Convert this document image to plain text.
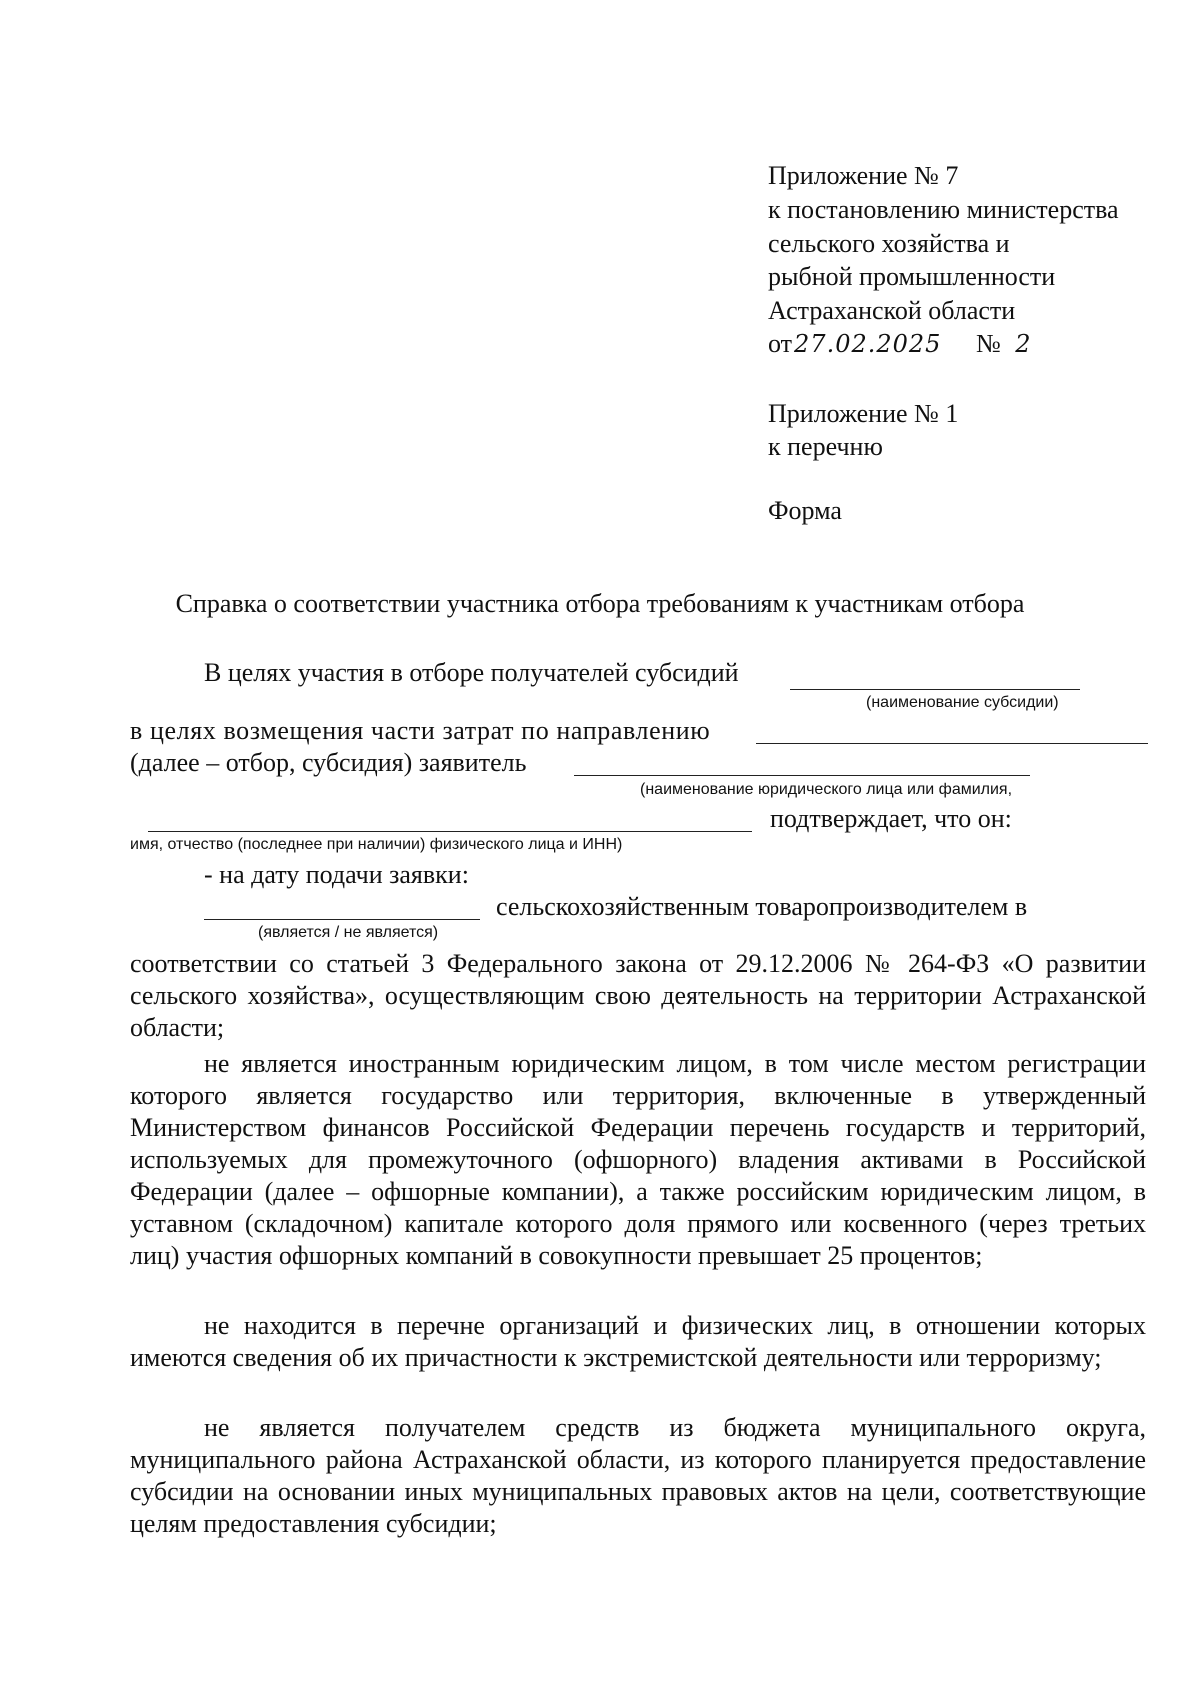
Приложение № 7
к постановлению министерства
сельского хозяйства и
рыбной промышленности
Астраханской области
от27.02.2025 № 2
Приложение № 1
к перечню
Форма
Справка о соответствии участника отбора требованиям к участникам отбора
В целях участия в отборе получателей субсидий
(наименование субсидии)
в целях возмещения части затрат по направлению
(далее – отбор, субсидия) заявитель
(наименование юридического лица или фамилия,
подтверждает, что он:
имя, отчество (последнее при наличии) физического лица и ИНН)
- на дату подачи заявки:
сельскохозяйственным товаропроизводителем в
(является / не является)
соответствии со статьей 3 Федерального закона от 29.12.2006 № 264-ФЗ «О развитии сельского хозяйства», осуществляющим свою деятельность на территории Астраханской области;
не является иностранным юридическим лицом, в том числе местом регистрации которого является государство или территория, включенные в утвержденный Министерством финансов Российской Федерации перечень государств и территорий, используемых для промежуточного (офшорного) владения активами в Российской Федерации (далее – офшорные компании), а также российским юридическим лицом, в уставном (складочном) капитале которого доля прямого или косвенного (через третьих лиц) участия офшорных компаний в совокупности превышает 25 процентов;
не находится в перечне организаций и физических лиц, в отношении которых имеются сведения об их причастности к экстремистской деятельности или терроризму;
не является получателем средств из бюджета муниципального округа, муниципального района Астраханской области, из которого планируется предоставление субсидии на основании иных муниципальных правовых актов на цели, соответствующие целям предоставления субсидии;
